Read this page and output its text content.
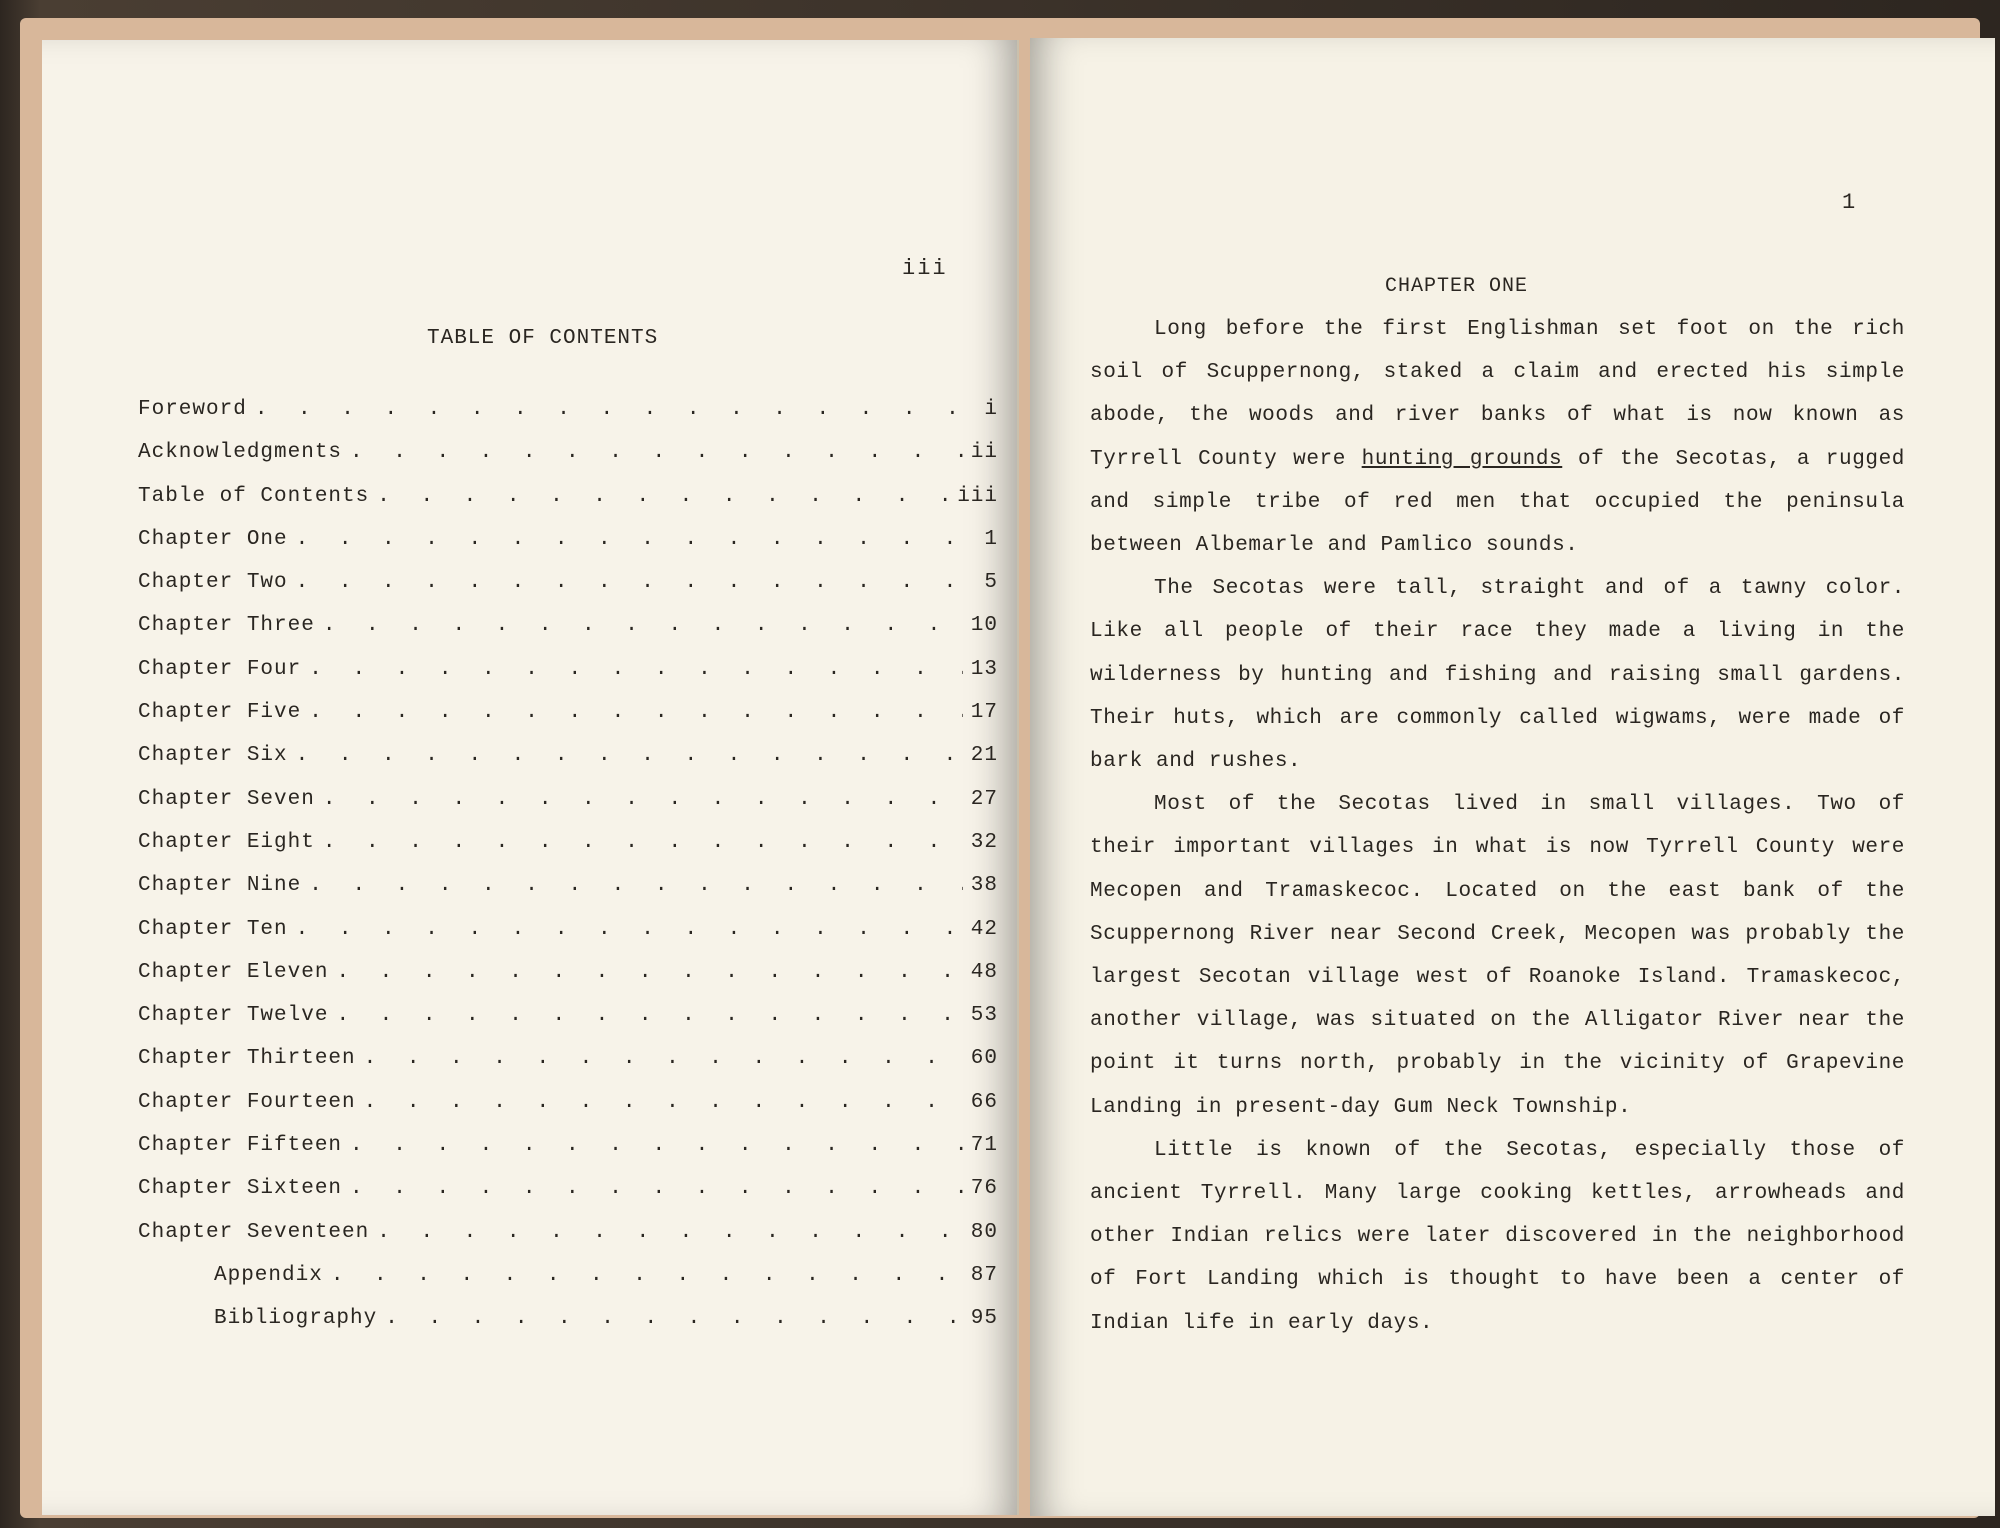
iii
TABLE OF CONTENTS
Foreword . . .	i
Acknowledgments . . .	ii
Table of Contents . . .	iii
Chapter One . . .	1
Chapter Two . . .	5
Chapter Three . . .	10
Chapter Four . . .	13
Chapter Five . . .	17
Chapter Six . . .	21
Chapter Seven . . .	27
Chapter Eight . . .	32
Chapter Nine . . .	38
Chapter Ten . . .	42
Chapter Eleven . . .	48
Chapter Twelve . . .	53
Chapter Thirteen . . .	60
Chapter Fourteen . . .	66
Chapter Fifteen . . .	71
Chapter Sixteen . . .	76
Chapter Seventeen . . .	80
Appendix . . .	87
Bibliography . . .	95
1
CHAPTER ONE

Long before the first Englishman set foot on the rich soil of Scuppernong, staked a claim and erected his simple abode, the woods and river banks of what is now known as Tyrrell County were hunting grounds of the Secotas, a rugged and simple tribe of red men that occupied the peninsula between Albemarle and Pamlico sounds.

The Secotas were tall, straight and of a tawny color. Like all people of their race they made a living in the wilderness by hunting and fishing and raising small gardens. Their huts, which are commonly called wigwams, were made of bark and rushes.

Most of the Secotas lived in small villages. Two of their important villages in what is now Tyrrell County were Mecopen and Tramaskecoc. Located on the east bank of the Scuppernong River near Second Creek, Mecopen was probably the largest Secotan village west of Roanoke Island. Tramaskecoc, another village, was situated on the Alligator River near the point it turns north, probably in the vicinity of Grapevine Landing in present-day Gum Neck Township.

Little is known of the Secotas, especially those of ancient Tyrrell. Many large cooking kettles, arrowheads and other Indian relics were later discovered in the neighborhood of Fort Landing which is thought to have been a center of Indian life in early days.
